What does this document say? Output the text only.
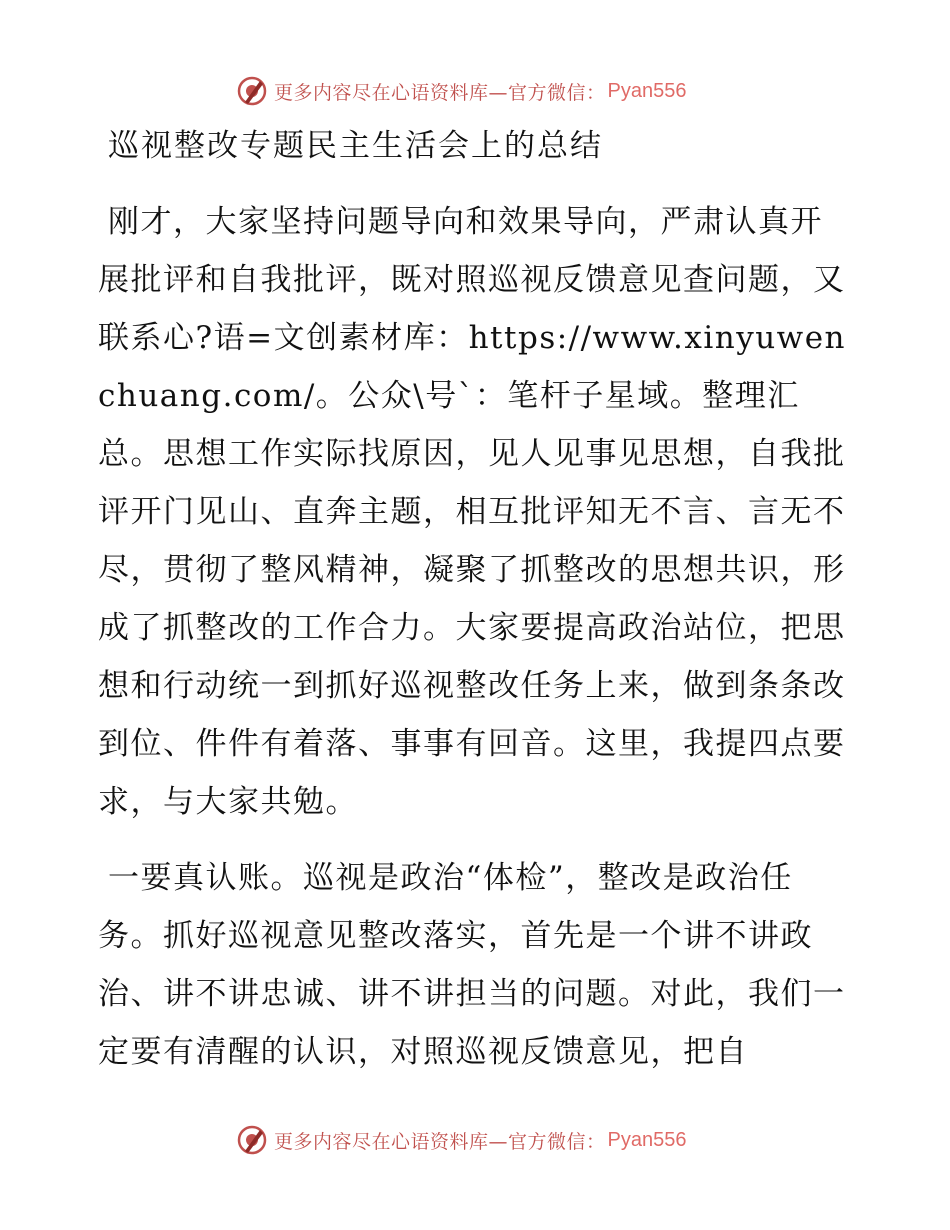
更多内容尽在心语资料库—官方微信： Pyan556
巡视整改专题民主生活会上的总结

刚才，大家坚持问题导向和效果导向，严肃认真开展批评和自我批评，既对照巡视反馈意见查问题，又联系心?语=文创素材库：https://www.xinyuwenchuang.com/。公众\号`：笔杆子星域。整理汇总。思想工作实际找原因，见人见事见思想，自我批评开门见山、直奔主题，相互批评知无不言、言无不尽，贯彻了整风精神，凝聚了抓整改的思想共识，形成了抓整改的工作合力。大家要提高政治站位，把思想和行动统一到抓好巡视整改任务上来，做到条条改到位、件件有着落、事事有回音。这里，我提四点要求，与大家共勉。

一要真认账。巡视是政治“体检”，整改是政治任务。抓好巡视意见整改落实，首先是一个讲不讲政治、讲不讲忠诚、讲不讲担当的问题。对此，我们一定要有清醒的认识，对照巡视反馈意见，把自

更多内容尽在心语资料库—官方微信： Pyan556
